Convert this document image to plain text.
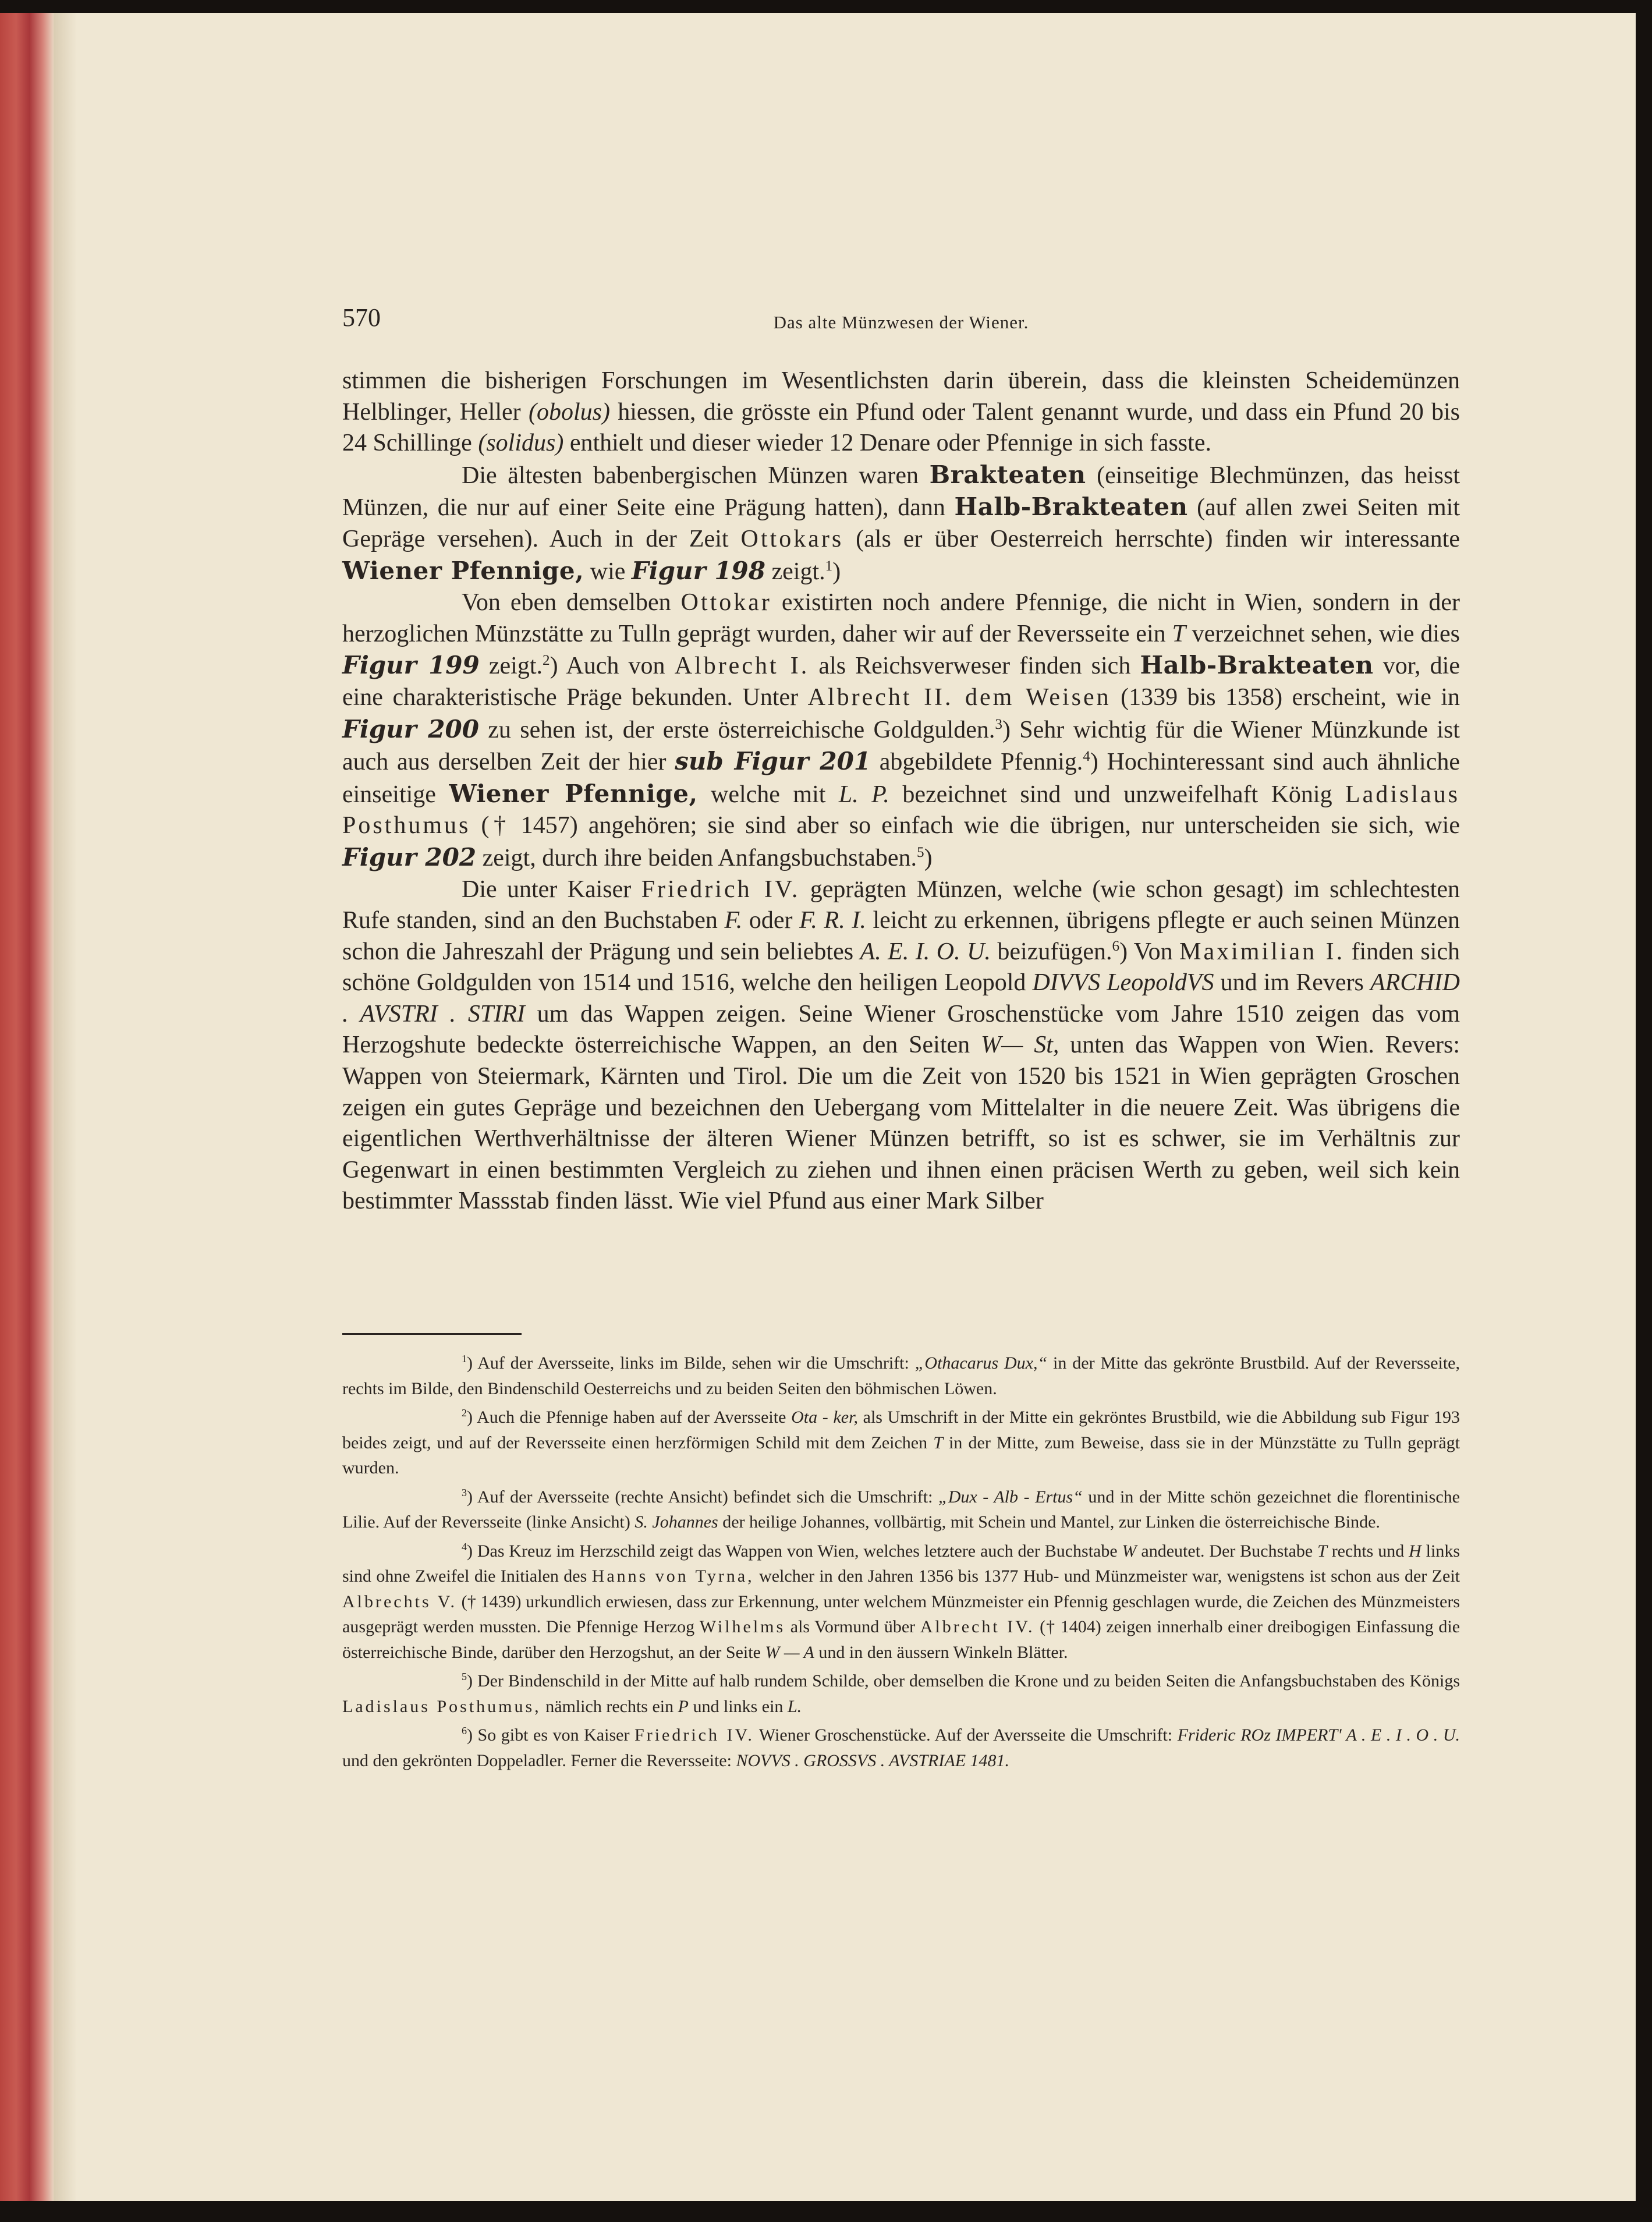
570	Das alte Münzwesen der Wiener.

stimmen die bisherigen Forschungen im Wesentlichsten darin überein, dass die kleinsten Scheidemünzen Helblinger, Heller (obolus) hiessen, die grösste ein Pfund oder Talent genannt wurde, und dass ein Pfund 20 bis 24 Schillinge (solidus) enthielt und dieser wieder 12 Denare oder Pfennige in sich fasste.

Die ältesten babenbergischen Münzen waren Brakteaten (einseitige Blechmünzen, das heisst Münzen, die nur auf einer Seite eine Prägung hatten), dann Halb-Brakteaten (auf allen zwei Seiten mit Gepräge versehen). Auch in der Zeit Ottokars (als er über Oesterreich herrschte) finden wir interessante Wiener Pfennige, wie Figur 198 zeigt.$^1$)

Von eben demselben Ottokar existirten noch andere Pfennige, die nicht in Wien, sondern in der herzoglichen Münzstätte zu Tulln geprägt wurden, daher wir auf der Reversseite ein T verzeichnet sehen, wie dies Figur 199 zeigt.$^2$) Auch von Albrecht I. als Reichsverweser finden sich Halb-Brakteaten vor, die eine charakteristische Präge bekunden. Unter Albrecht II. dem Weisen (1339 bis 1358) erscheint, wie in Figur 200 zu sehen ist, der erste österreichische Goldgulden.$^3$) Sehr wichtig für die Wiener Münzkunde ist auch aus derselben Zeit der hier sub Figur 201 abgebildete Pfennig.$^4$) Hochinteressant sind auch ähnliche einseitige Wiener Pfennige, welche mit L. P. bezeichnet sind und unzweifelhaft König Ladislaus Posthumus († 1457) angehören; sie sind aber so einfach wie die übrigen, nur unterscheiden sie sich, wie Figur 202 zeigt, durch ihre beiden Anfangsbuchstaben.$^5$)

Die unter Kaiser Friedrich IV. geprägten Münzen, welche (wie schon gesagt) im schlechtesten Rufe standen, sind an den Buchstaben F. oder F. R. I. leicht zu erkennen, übrigens pflegte er auch seinen Münzen schon die Jahreszahl der Prägung und sein beliebtes A. E. I. O. U. beizufügen.$^6$) Von Maximilian I. finden sich schöne Goldgulden von 1514 und 1516, welche den heiligen Leopold DIVVS LeopoldVS und im Revers ARCHID . AVSTRI . STIRI um das Wappen zeigen. Seine Wiener Groschenstücke vom Jahre 1510 zeigen das vom Herzogshute bedeckte österreichische Wappen, an den Seiten W— St, unten das Wappen von Wien. Revers: Wappen von Steiermark, Kärnten und Tirol. Die um die Zeit von 1520 bis 1521 in Wien geprägten Groschen zeigen ein gutes Gepräge und bezeichnen den Uebergang vom Mittelalter in die neuere Zeit. Was übrigens die eigentlichen Werthverhältnisse der älteren Wiener Münzen betrifft, so ist es schwer, sie im Verhältnis zur Gegenwart in einen bestimmten Vergleich zu ziehen und ihnen einen präcisen Werth zu geben, weil sich kein bestimmter Massstab finden lässt. Wie viel Pfund aus einer Mark Silber

$^1$) Auf der Aversseite, links im Bilde, sehen wir die Umschrift: „Othacarus Dux,“ in der Mitte das gekrönte Brustbild. Auf der Reversseite, rechts im Bilde, den Bindenschild Oesterreichs und zu beiden Seiten den böhmischen Löwen.

$^2$) Auch die Pfennige haben auf der Aversseite Ota - ker, als Umschrift in der Mitte ein gekröntes Brustbild, wie die Abbildung sub Figur 193 beides zeigt, und auf der Reversseite einen herzförmigen Schild mit dem Zeichen T in der Mitte, zum Beweise, dass sie in der Münzstätte zu Tulln geprägt wurden.

$^3$) Auf der Aversseite (rechte Ansicht) befindet sich die Umschrift: „Dux - Alb - Ertus“ und in der Mitte schön gezeichnet die florentinische Lilie. Auf der Reversseite (linke Ansicht) S. Johannes der heilige Johannes, vollbärtig, mit Schein und Mantel, zur Linken die österreichische Binde.

$^4$) Das Kreuz im Herzschild zeigt das Wappen von Wien, welches letztere auch der Buchstabe W andeutet. Der Buchstabe T rechts und H links sind ohne Zweifel die Initialen des Hanns von Tyrna, welcher in den Jahren 1356 bis 1377 Hub- und Münzmeister war, wenigstens ist schon aus der Zeit Albrechts V. († 1439) urkundlich erwiesen, dass zur Erkennung, unter welchem Münzmeister ein Pfennig geschlagen wurde, die Zeichen des Münzmeisters ausgeprägt werden mussten. Die Pfennige Herzog Wilhelms als Vormund über Albrecht IV. († 1404) zeigen innerhalb einer dreibogigen Einfassung die österreichische Binde, darüber den Herzogshut, an der Seite W — A und in den äussern Winkeln Blätter.

$^5$) Der Bindenschild in der Mitte auf halb rundem Schilde, ober demselben die Krone und zu beiden Seiten die Anfangsbuchstaben des Königs Ladislaus Posthumus, nämlich rechts ein P und links ein L.

$^6$) So gibt es von Kaiser Friedrich IV. Wiener Groschenstücke. Auf der Aversseite die Umschrift: Frideric ROz IMPERT' A . E . I . O . U. und den gekrönten Doppeladler. Ferner die Reversseite: NOVVS . GROSSVS . AVSTRIAE 1481.
